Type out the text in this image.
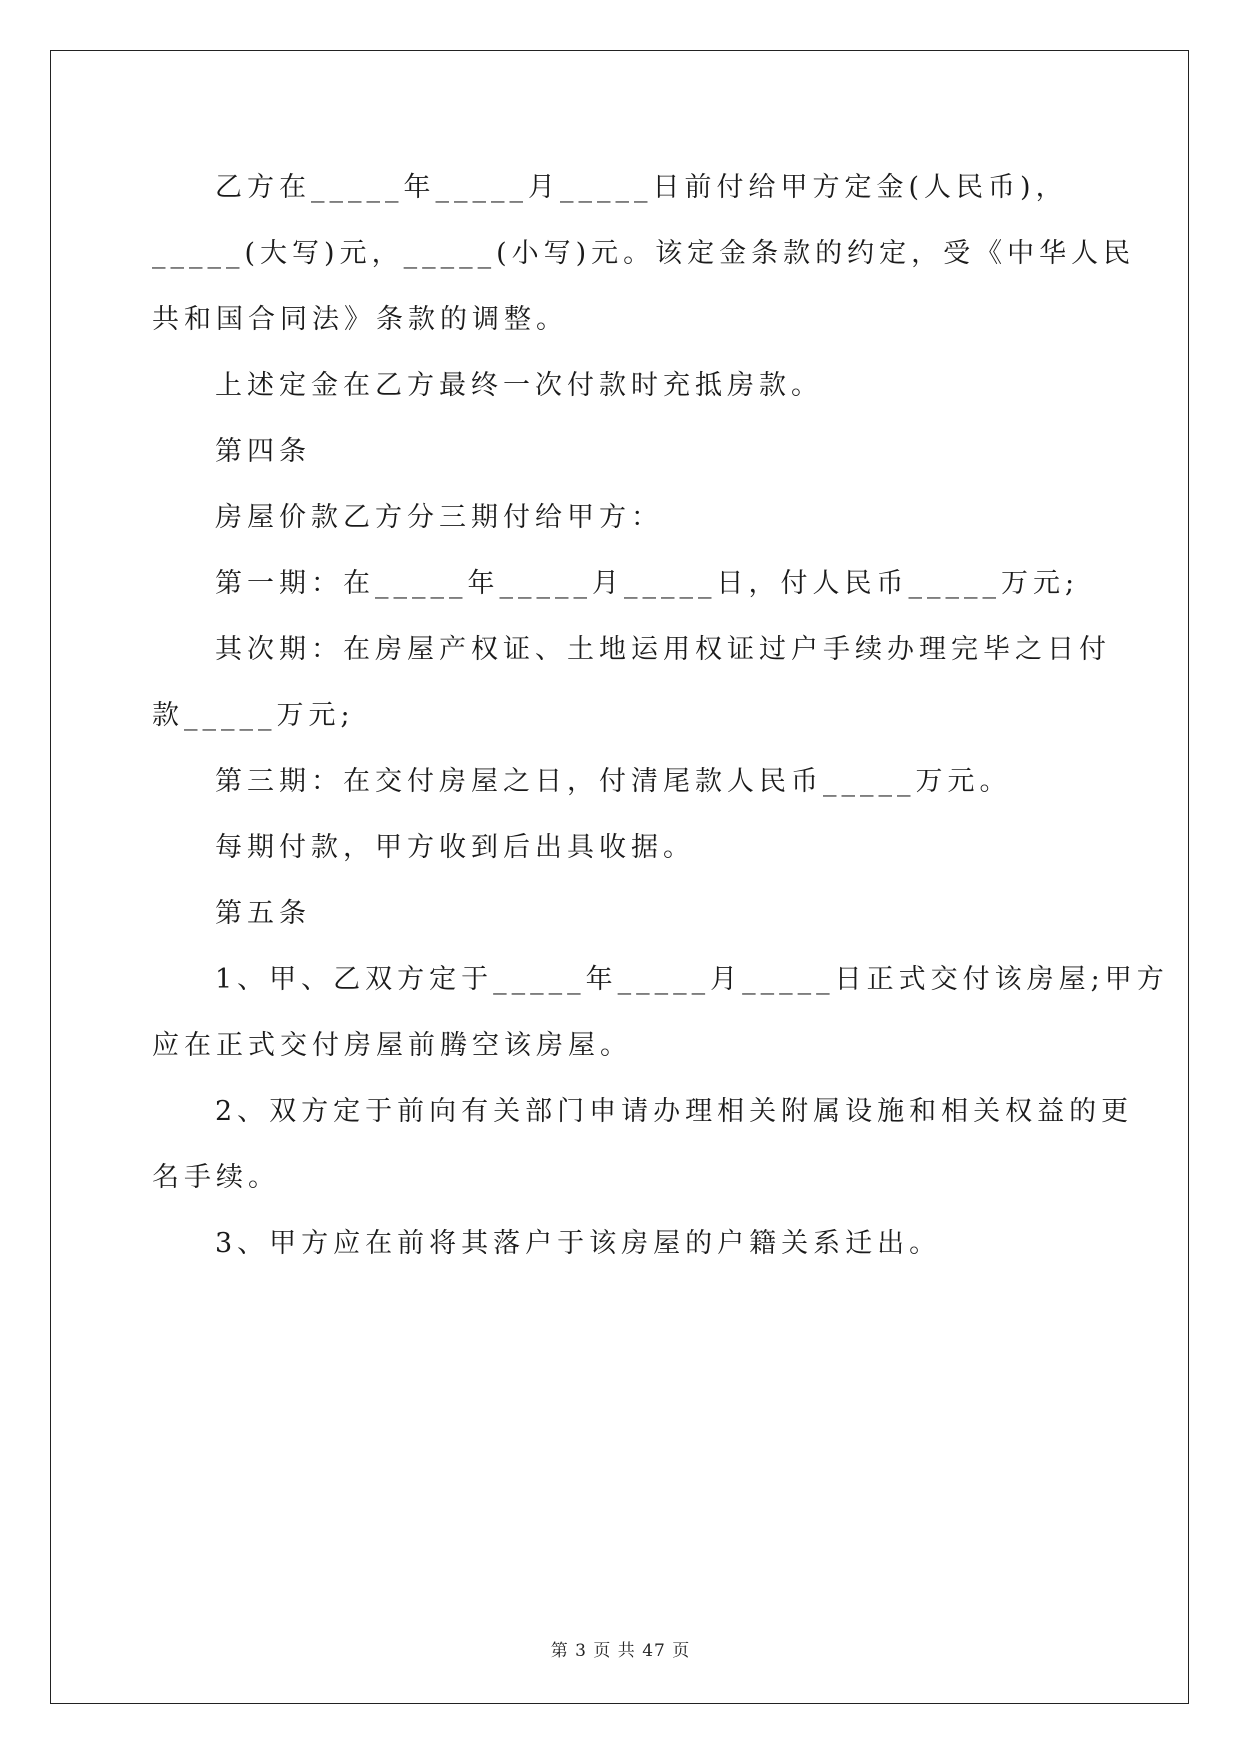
乙方在_____年_____月_____日前付给甲方定金(人民币)，
_____(大写)元，_____(小写)元。该定金条款的约定，受《中华人民
共和国合同法》条款的调整。
上述定金在乙方最终一次付款时充抵房款。
第四条
房屋价款乙方分三期付给甲方：
第一期：在_____年_____月_____日，付人民币_____万元;
其次期：在房屋产权证、土地运用权证过户手续办理完毕之日付
款_____万元;
第三期：在交付房屋之日，付清尾款人民币_____万元。
每期付款，甲方收到后出具收据。
第五条
1、甲、乙双方定于_____年_____月_____日正式交付该房屋;甲方
应在正式交付房屋前腾空该房屋。
2、双方定于前向有关部门申请办理相关附属设施和相关权益的更
名手续。
3、甲方应在前将其落户于该房屋的户籍关系迁出。
第 3 页 共 47 页
